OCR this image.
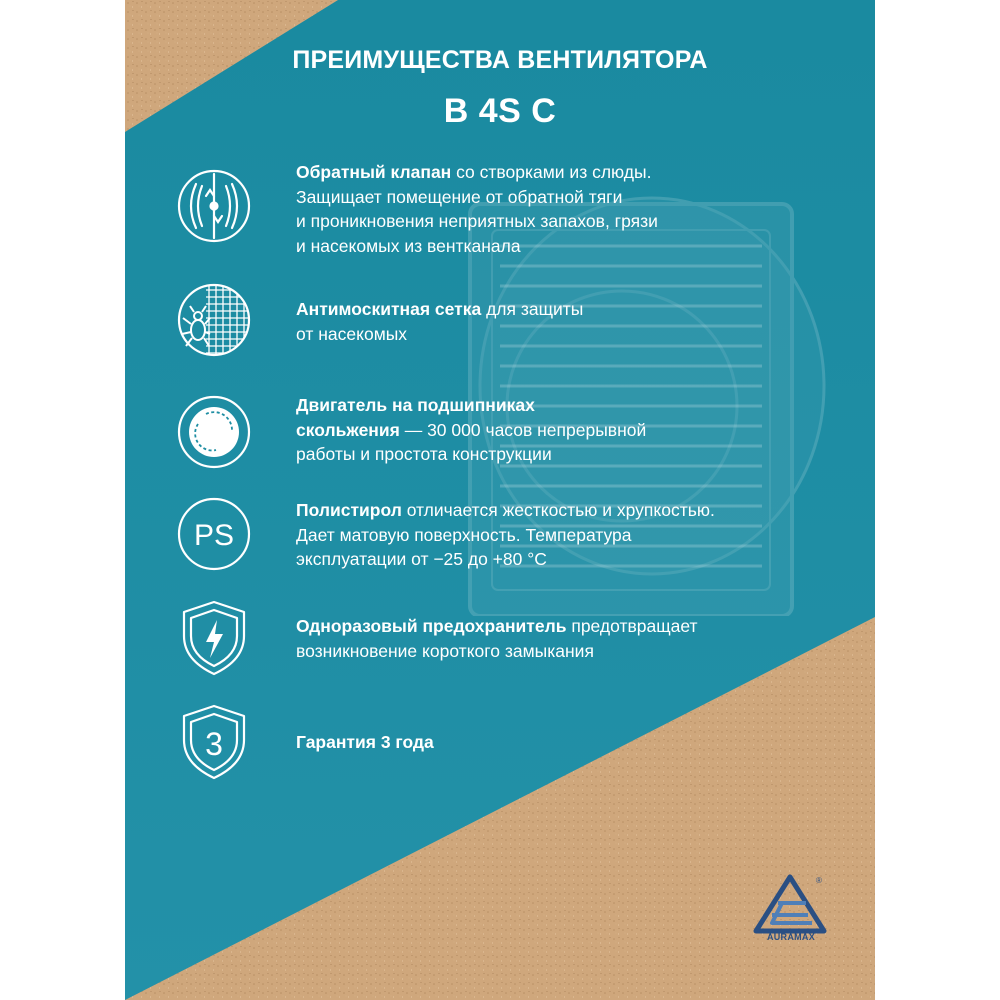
ПРЕИМУЩЕСТВА ВЕНТИЛЯТОРА
В 4S С
PS
3
Обратный клапан со створками из слюды.
Защищает помещение от обратной тяги
и проникновения неприятных запахов, грязи
и насекомых из вентканала
Антимоскитная сетка для защиты
от насекомых
Двигатель на подшипниках
скольжения — 30 000 часов непрерывной
работы и простота конструкции
Полистирол отличается жесткостью и хрупкостью.
Дает матовую поверхность. Температура
эксплуатации от −25 до +80 °C
Одноразовый предохранитель предотвращает
возникновение короткого замыкания
Гарантия 3 года
®
AURAMAX
